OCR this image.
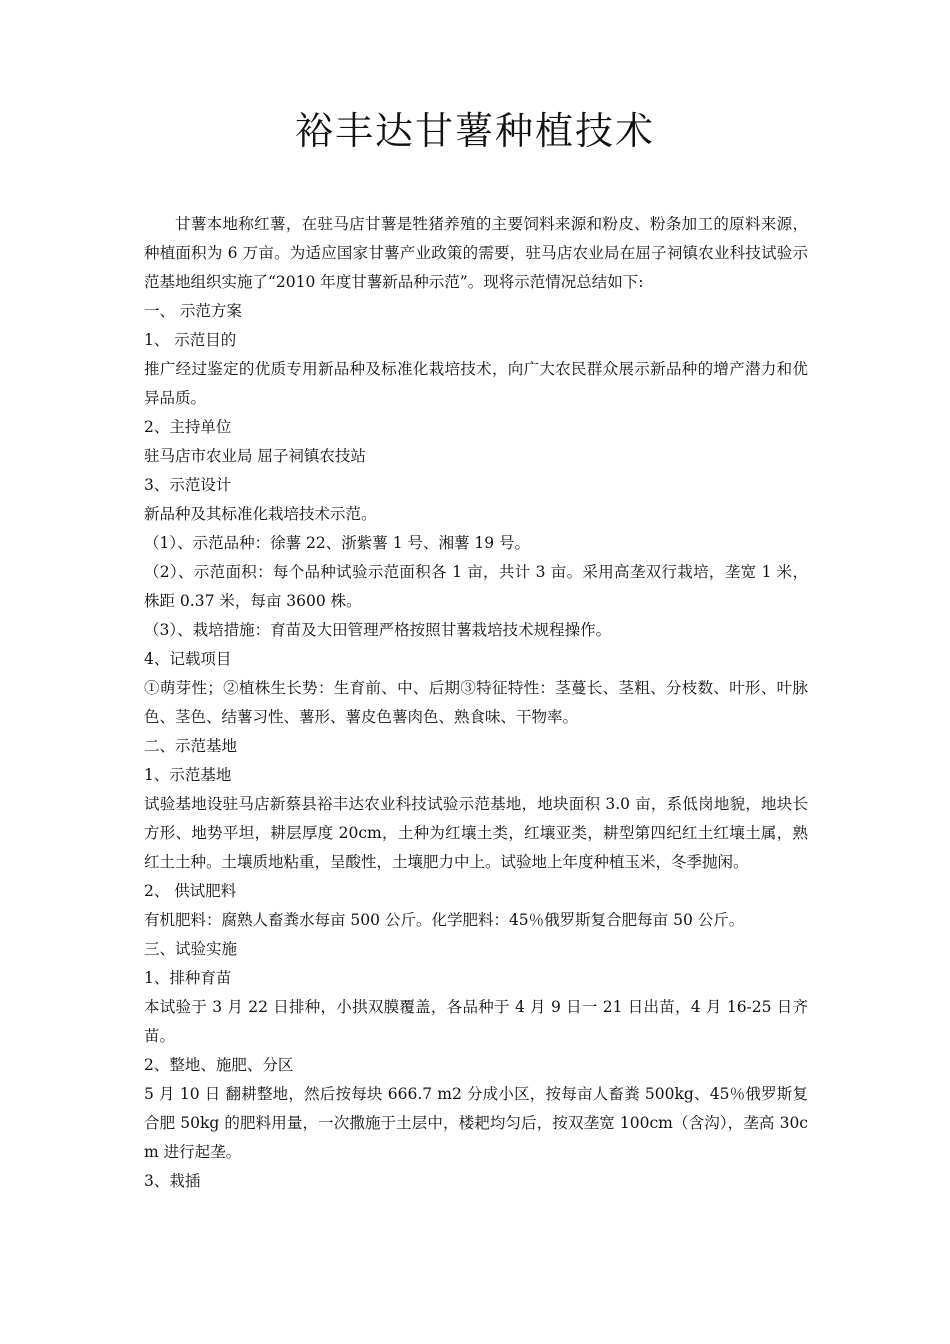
裕丰达甘薯种植技术

甘薯本地称红薯，在驻马店甘薯是牲猪养殖的主要饲料来源和粉皮、粉条加工的原料来源，种植面积为 6 万亩。为适应国家甘薯产业政策的需要，驻马店农业局在屈子祠镇农业科技试验示范基地组织实施了“2010 年度甘薯新品种示范”。现将示范情况总结如下:

一、 示范方案

1、 示范目的

推广经过鉴定的优质专用新品种及标准化栽培技术，向广大农民群众展示新品种的增产潜力和优异品质。

2、主持单位

驻马店市农业局 屈子祠镇农技站

3、示范设计

新品种及其标准化栽培技术示范。

（1）、示范品种：徐薯 22、浙紫薯 1 号、湘薯 19 号。

（2）、示范面积：每个品种试验示范面积各 1 亩，共计 3 亩。采用高垄双行栽培，垄宽 1 米，株距 0.37 米，每亩 3600 株。

（3）、栽培措施：育苗及大田管理严格按照甘薯栽培技术规程操作。

4、记载项目

①萌芽性；②植株生长势：生育前、中、后期③特征特性：茎蔓长、茎粗、分枝数、叶形、叶脉色、茎色、结薯习性、薯形、薯皮色薯肉色、熟食味、干物率。

二、示范基地

1、示范基地

试验基地设驻马店新蔡县裕丰达农业科技试验示范基地，地块面积 3.0 亩，系低岗地貌，地块长方形、地势平坦，耕层厚度 20cm，土种为红壤土类，红壤亚类，耕型第四纪红土红壤土属，熟红土土种。土壤质地粘重，呈酸性，土壤肥力中上。试验地上年度种植玉米，冬季抛闲。

2、 供试肥料

有机肥料：腐熟人畜粪水每亩 500 公斤。化学肥料：45％俄罗斯复合肥每亩 50 公斤。

三、试验实施

1、排种育苗

本试验于 3 月 22 日排种，小拱双膜覆盖，各品种于 4 月 9 日一 21 日出苗，4 月 16-25 日齐苗。

2、整地、施肥、分区

5 月 10 日 翻耕整地，然后按每块 666.7 m2 分成小区，按每亩人畜粪 500kg、45％俄罗斯复合肥 50kg 的肥料用量，一次撒施于土层中，楼耙均匀后，按双垄宽 100cm（含沟），垄高 30cm 进行起垄。

3、栽插
